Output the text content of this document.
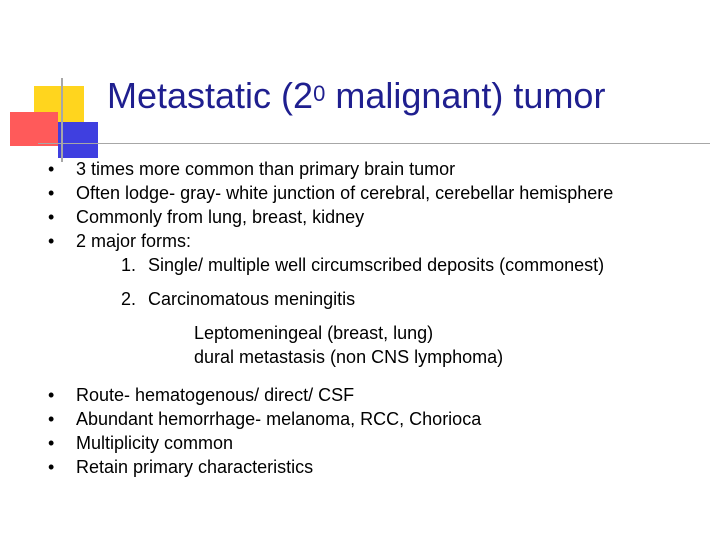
Metastatic ($2^0$ malignant) tumor
• 3 times more common than primary brain tumor
• Often lodge- gray- white junction of cerebral, cerebellar hemisphere
• Commonly from lung, breast, kidney
• 2 major forms:
1. Single/ multiple well circumscribed deposits (commonest)
2. Carcinomatous meningitis
Leptomeningeal (breast, lung)
dural metastasis (non CNS lymphoma)
• Route- hematogenous/ direct/ CSF
• Abundant hemorrhage- melanoma, RCC, Chorioca
• Multiplicity common
• Retain primary characteristics
